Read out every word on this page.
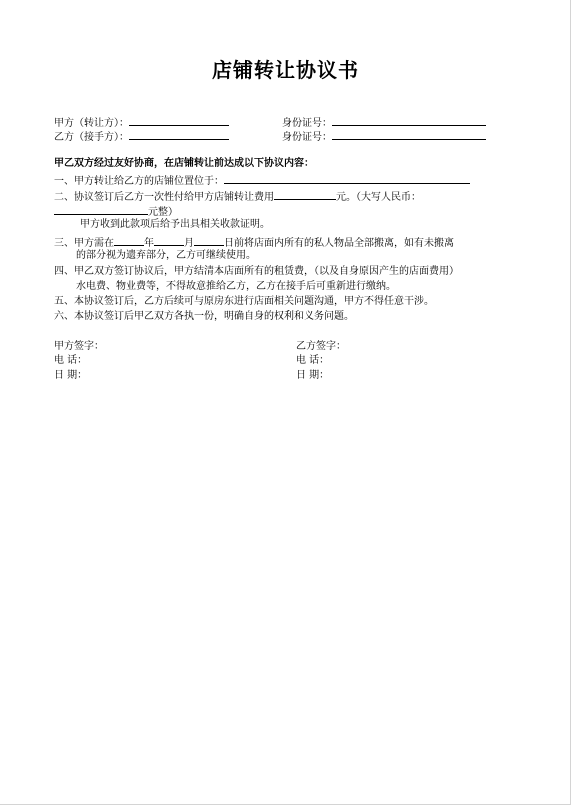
店铺转让协议书
甲方（转让方）：	身份证号：
乙方（接手方）：	身份证号：
甲乙双方经过友好协商，在店铺转让前达成以下协议内容：
一、甲方转让给乙方的店铺位置位于：
二、协议签订后乙方一次性付给甲方店铺转让费用	元。（大写人民币：
元整）
甲方收到此款项后给予出具相关收款证明。
三、甲方需在	年	月	日前将店面内所有的私人物品全部搬离，如有未搬离
的部分视为遗弃部分，乙方可继续使用。
四、甲乙双方签订协议后，甲方结清本店面所有的租赁费，（以及自身原因产生的店面费用）
水电费、物业费等，不得故意推给乙方，乙方在接手后可重新进行缴纳。
五、本协议签订后，乙方后续可与原房东进行店面相关问题沟通，甲方不得任意干涉。
六、本协议签订后甲乙双方各执一份，明确自身的权利和义务问题。
甲方签字：	乙方签字：
电 话：	电 话：
日 期：	日 期：
